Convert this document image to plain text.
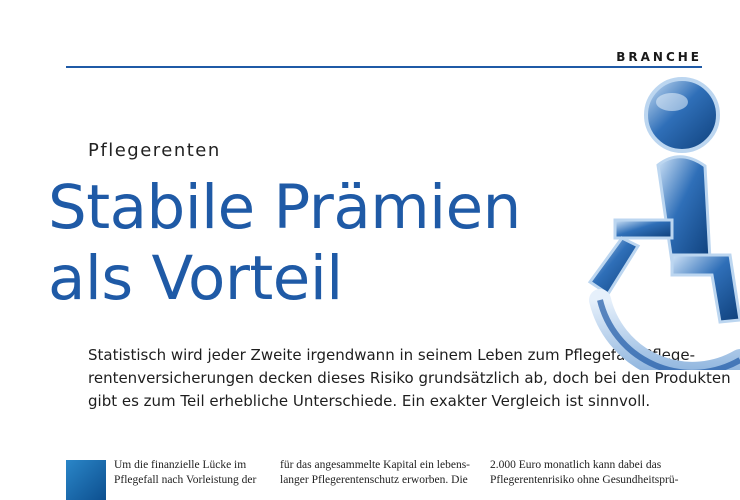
BRANCHE
Pflegerenten
Stabile Prämien
als Vorteil

Statistisch wird jeder Zweite irgendwann in seinem Leben zum Pflegefall. Pflege-
rentenversicherungen decken dieses Risiko grundsätzlich ab, doch bei den Produkten
gibt es zum Teil erhebliche Unterschiede. Ein exakter Vergleich ist sinnvoll.

Um die finanzielle Lücke im
Pflegefall nach Vorleistung der
für das angesammelte Kapital ein lebens-
langer Pflegerentenschutz erworben. Die
2.000 Euro monatlich kann dabei das
Pflegerentenrisiko ohne Gesundheitsprü-
